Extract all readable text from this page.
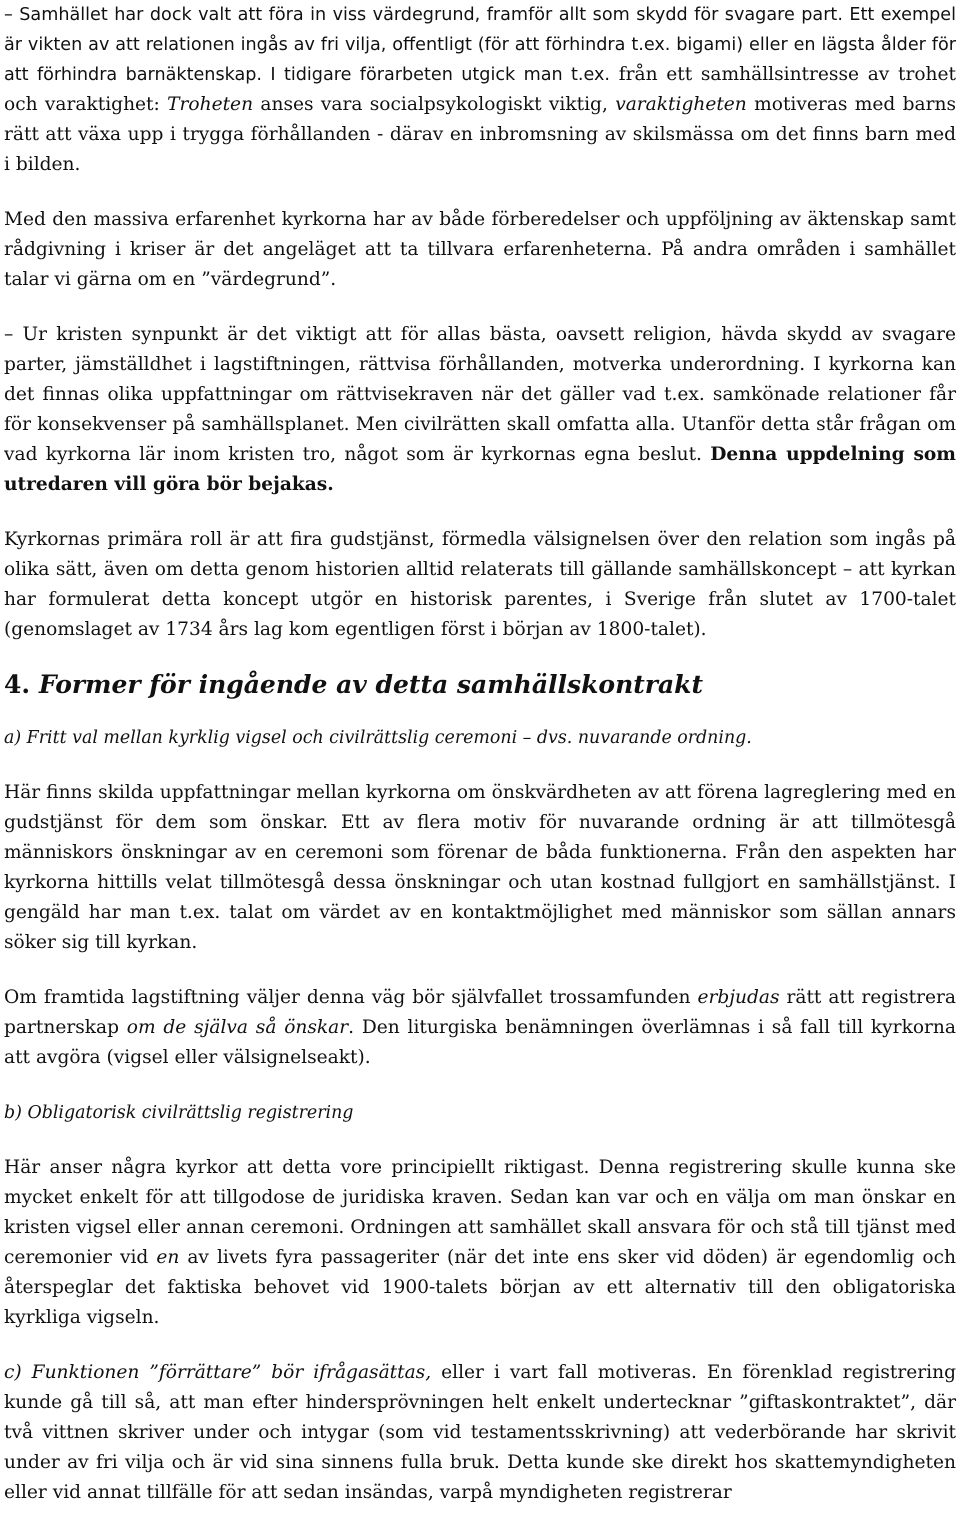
– Samhället har dock valt att föra in viss värdegrund, framför allt som skydd för svagare part. Ett exempel är vikten av att relationen ingås av fri vilja, offentligt (för att förhindra t.ex. bigami) eller en lägsta ålder för att förhindra barnäktenskap. I tidigare förarbeten utgick man t.ex. från ett samhällsintresse av trohet och varaktighet: Troheten anses vara socialpsykologiskt viktig, varaktigheten motiveras med barns rätt att växa upp i trygga förhållanden - därav en inbromsning av skilsmässa om det finns barn med i bilden.

Med den massiva erfarenhet kyrkorna har av både förberedelser och uppföljning av äktenskap samt rådgivning i kriser är det angeläget att ta tillvara erfarenheterna. På andra områden i samhället talar vi gärna om en ”värdegrund”.

– Ur kristen synpunkt är det viktigt att för allas bästa, oavsett religion, hävda skydd av svagare parter, jämställdhet i lagstiftningen, rättvisa förhållanden, motverka underordning. I kyrkorna kan det finnas olika uppfattningar om rättvisekraven när det gäller vad t.ex. samkönade relationer får för konsekvenser på samhällsplanet. Men civilrätten skall omfatta alla. Utanför detta står frågan om vad kyrkorna lär inom kristen tro, något som är kyrkornas egna beslut. Denna uppdelning som utredaren vill göra bör bejakas.

Kyrkornas primära roll är att fira gudstjänst, förmedla välsignelsen över den relation som ingås på olika sätt, även om detta genom historien alltid relaterats till gällande samhällskoncept – att kyrkan har formulerat detta koncept utgör en historisk parentes, i Sverige från slutet av 1700-talet (genomslaget av 1734 års lag kom egentligen först i början av 1800-talet).

4. Former för ingående av detta samhällskontrakt

a) Fritt val mellan kyrklig vigsel och civilrättslig ceremoni – dvs. nuvarande ordning.

Här finns skilda uppfattningar mellan kyrkorna om önskvärdheten av att förena lagreglering med en gudstjänst för dem som önskar. Ett av flera motiv för nuvarande ordning är att tillmötesgå människors önskningar av en ceremoni som förenar de båda funktionerna. Från den aspekten har kyrkorna hittills velat tillmötesgå dessa önskningar och utan kostnad fullgjort en samhällstjänst. I gengäld har man t.ex. talat om värdet av en kontaktmöjlighet med människor som sällan annars söker sig till kyrkan.

Om framtida lagstiftning väljer denna väg bör självfallet trossamfunden erbjudas rätt att registrera partnerskap om de själva så önskar. Den liturgiska benämningen överlämnas i så fall till kyrkorna att avgöra (vigsel eller välsignelseakt).

b) Obligatorisk civilrättslig registrering

Här anser några kyrkor att detta vore principiellt riktigast. Denna registrering skulle kunna ske mycket enkelt för att tillgodose de juridiska kraven. Sedan kan var och en välja om man önskar en kristen vigsel eller annan ceremoni. Ordningen att samhället skall ansvara för och stå till tjänst med ceremonier vid en av livets fyra passageriter (när det inte ens sker vid döden) är egendomlig och återspeglar det faktiska behovet vid 1900-talets början av ett alternativ till den obligatoriska kyrkliga vigseln.

c) Funktionen ”förrättare” bör ifrågasättas, eller i vart fall motiveras. En förenklad registrering kunde gå till så, att man efter hindersprövningen helt enkelt undertecknar ”giftaskontraktet”, där två vittnen skriver under och intygar (som vid testamentsskrivning) att vederbörande har skrivit under av fri vilja och är vid sina sinnens fulla bruk. Detta kunde ske direkt hos skattemyndigheten eller vid annat tillfälle för att sedan insändas, varpå myndigheten registrerar
